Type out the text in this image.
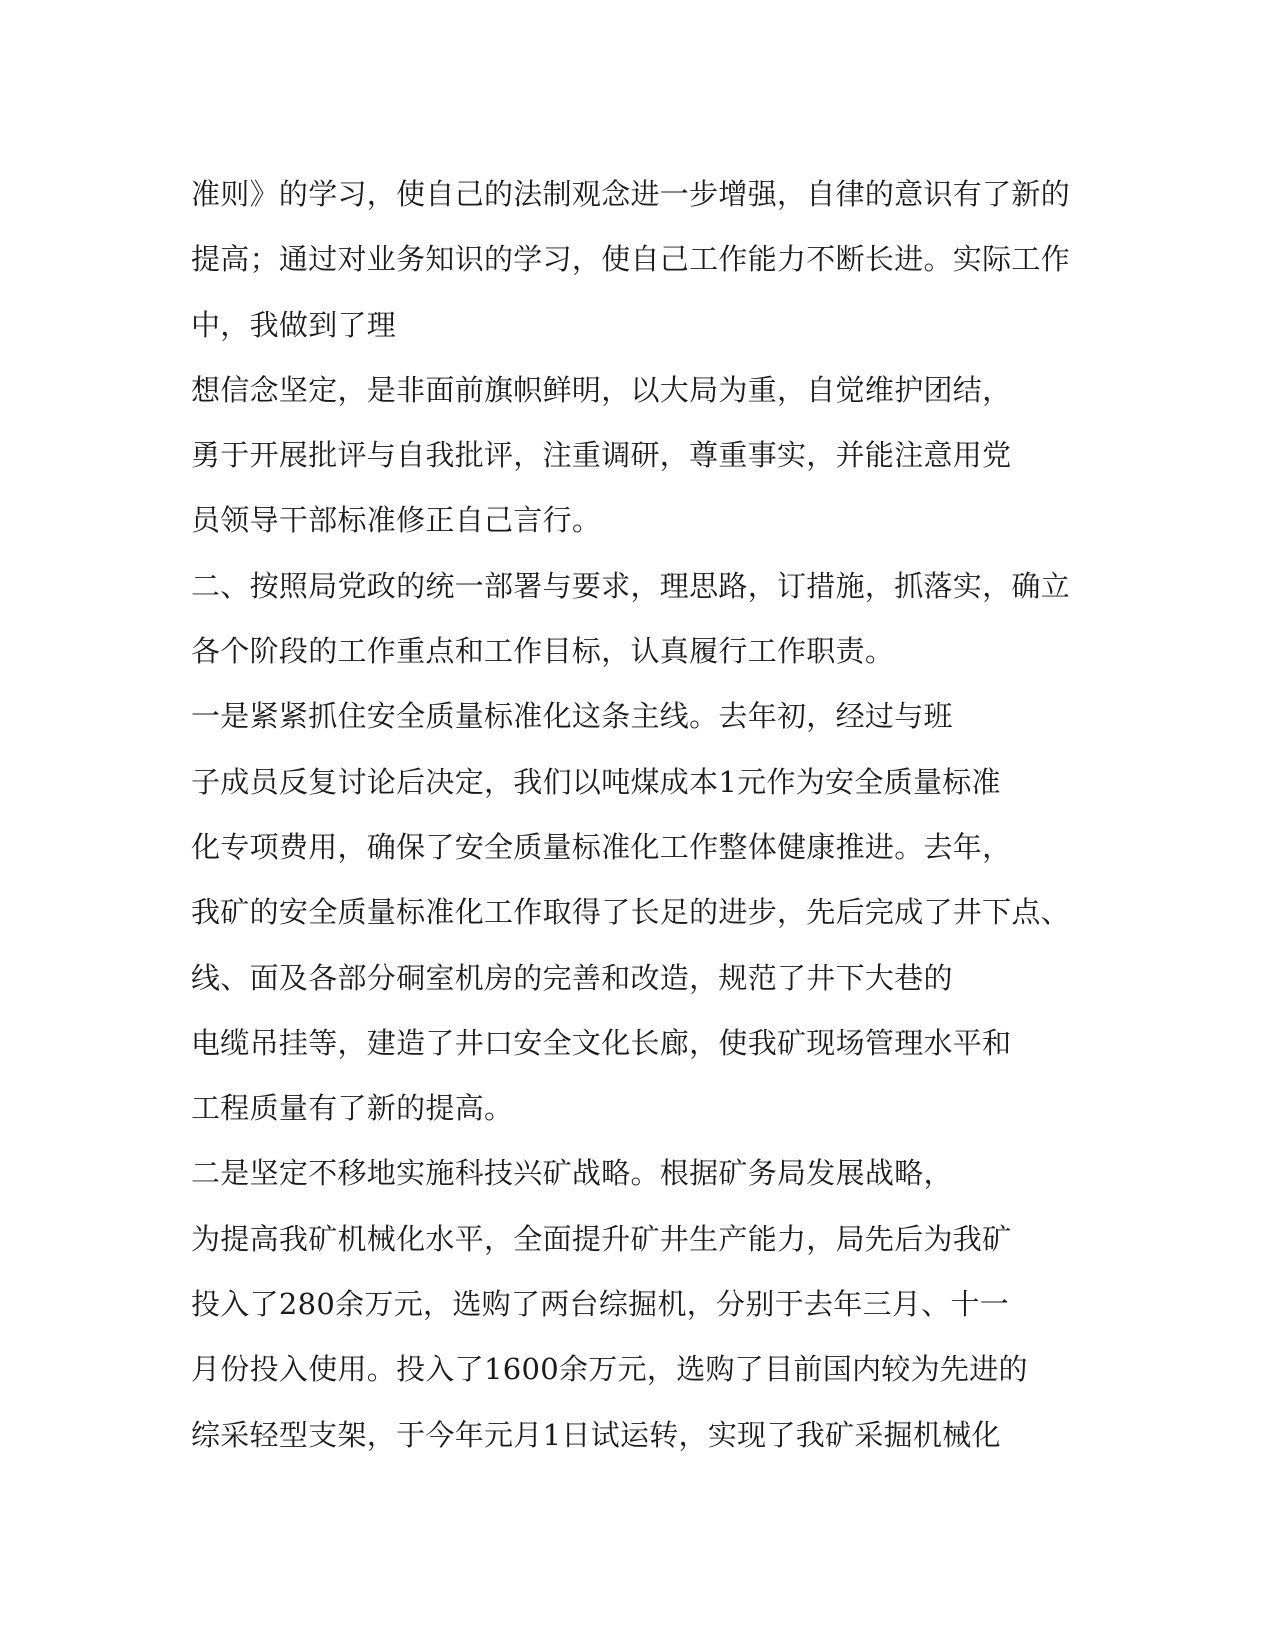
准则》的学习，使自己的法制观念进一步增强，自律的意识有了新的
提高；通过对业务知识的学习，使自己工作能力不断长进。实际工作
中，我做到了理
想信念坚定，是非面前旗帜鲜明，以大局为重，自觉维护团结，
勇于开展批评与自我批评，注重调研，尊重事实，并能注意用党
员领导干部标准修正自己言行。
二、按照局党政的统一部署与要求，理思路，订措施，抓落实，确立
各个阶段的工作重点和工作目标，认真履行工作职责。
一是紧紧抓住安全质量标准化这条主线。去年初，经过与班
子成员反复讨论后决定，我们以吨煤成本1元作为安全质量标准
化专项费用，确保了安全质量标准化工作整体健康推进。去年，
我矿的安全质量标准化工作取得了长足的进步，先后完成了井下点、
线、面及各部分硐室机房的完善和改造，规范了井下大巷的
电缆吊挂等，建造了井口安全文化长廊，使我矿现场管理水平和
工程质量有了新的提高。
二是坚定不移地实施科技兴矿战略。根据矿务局发展战略，
为提高我矿机械化水平，全面提升矿井生产能力，局先后为我矿
投入了280余万元，选购了两台综掘机，分别于去年三月、十一
月份投入使用。投入了1600余万元，选购了目前国内较为先进的
综采轻型支架，于今年元月1日试运转，实现了我矿采掘机械化
